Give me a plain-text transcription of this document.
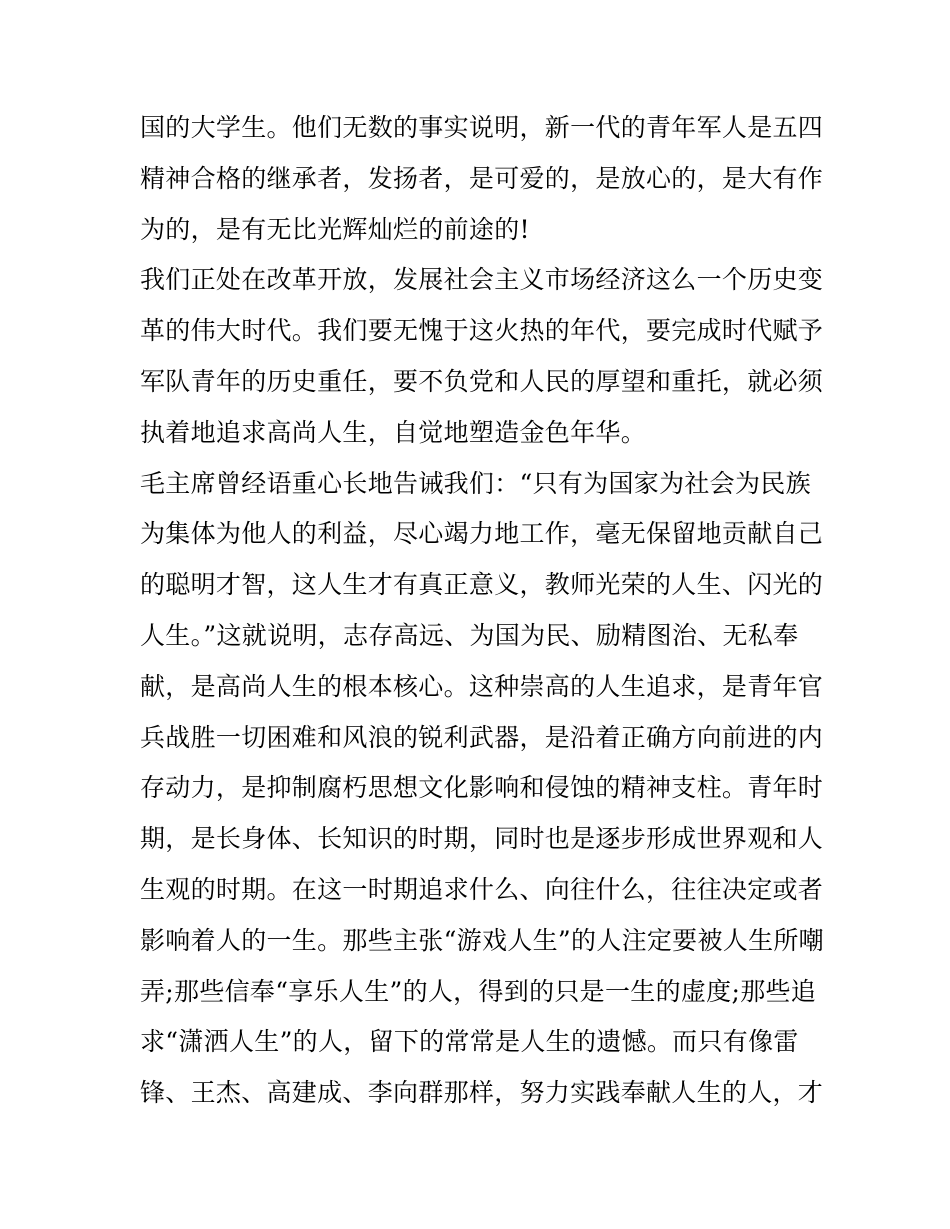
国的大学生。他们无数的事实说明，新一代的青年军人是五四
精神合格的继承者，发扬者，是可爱的，是放心的，是大有作
为的，是有无比光辉灿烂的前途的!
我们正处在改革开放，发展社会主义市场经济这么一个历史变
革的伟大时代。我们要无愧于这火热的年代，要完成时代赋予
军队青年的历史重任，要不负党和人民的厚望和重托，就必须
执着地追求高尚人生，自觉地塑造金色年华。
毛主席曾经语重心长地告诫我们：“只有为国家为社会为民族
为集体为他人的利益，尽心竭力地工作，毫无保留地贡献自己
的聪明才智，这人生才有真正意义，教师光荣的人生、闪光的
人生。”这就说明，志存高远、为国为民、励精图治、无私奉
献，是高尚人生的根本核心。这种崇高的人生追求，是青年官
兵战胜一切困难和风浪的锐利武器，是沿着正确方向前进的内
存动力，是抑制腐朽思想文化影响和侵蚀的精神支柱。青年时
期，是长身体、长知识的时期，同时也是逐步形成世界观和人
生观的时期。在这一时期追求什么、向往什么，往往决定或者
影响着人的一生。那些主张“游戏人生”的人注定要被人生所嘲
弄;那些信奉“享乐人生”的人，得到的只是一生的虚度;那些追
求“潇洒人生”的人，留下的常常是人生的遗憾。而只有像雷
锋、王杰、高建成、李向群那样，努力实践奉献人生的人，才
